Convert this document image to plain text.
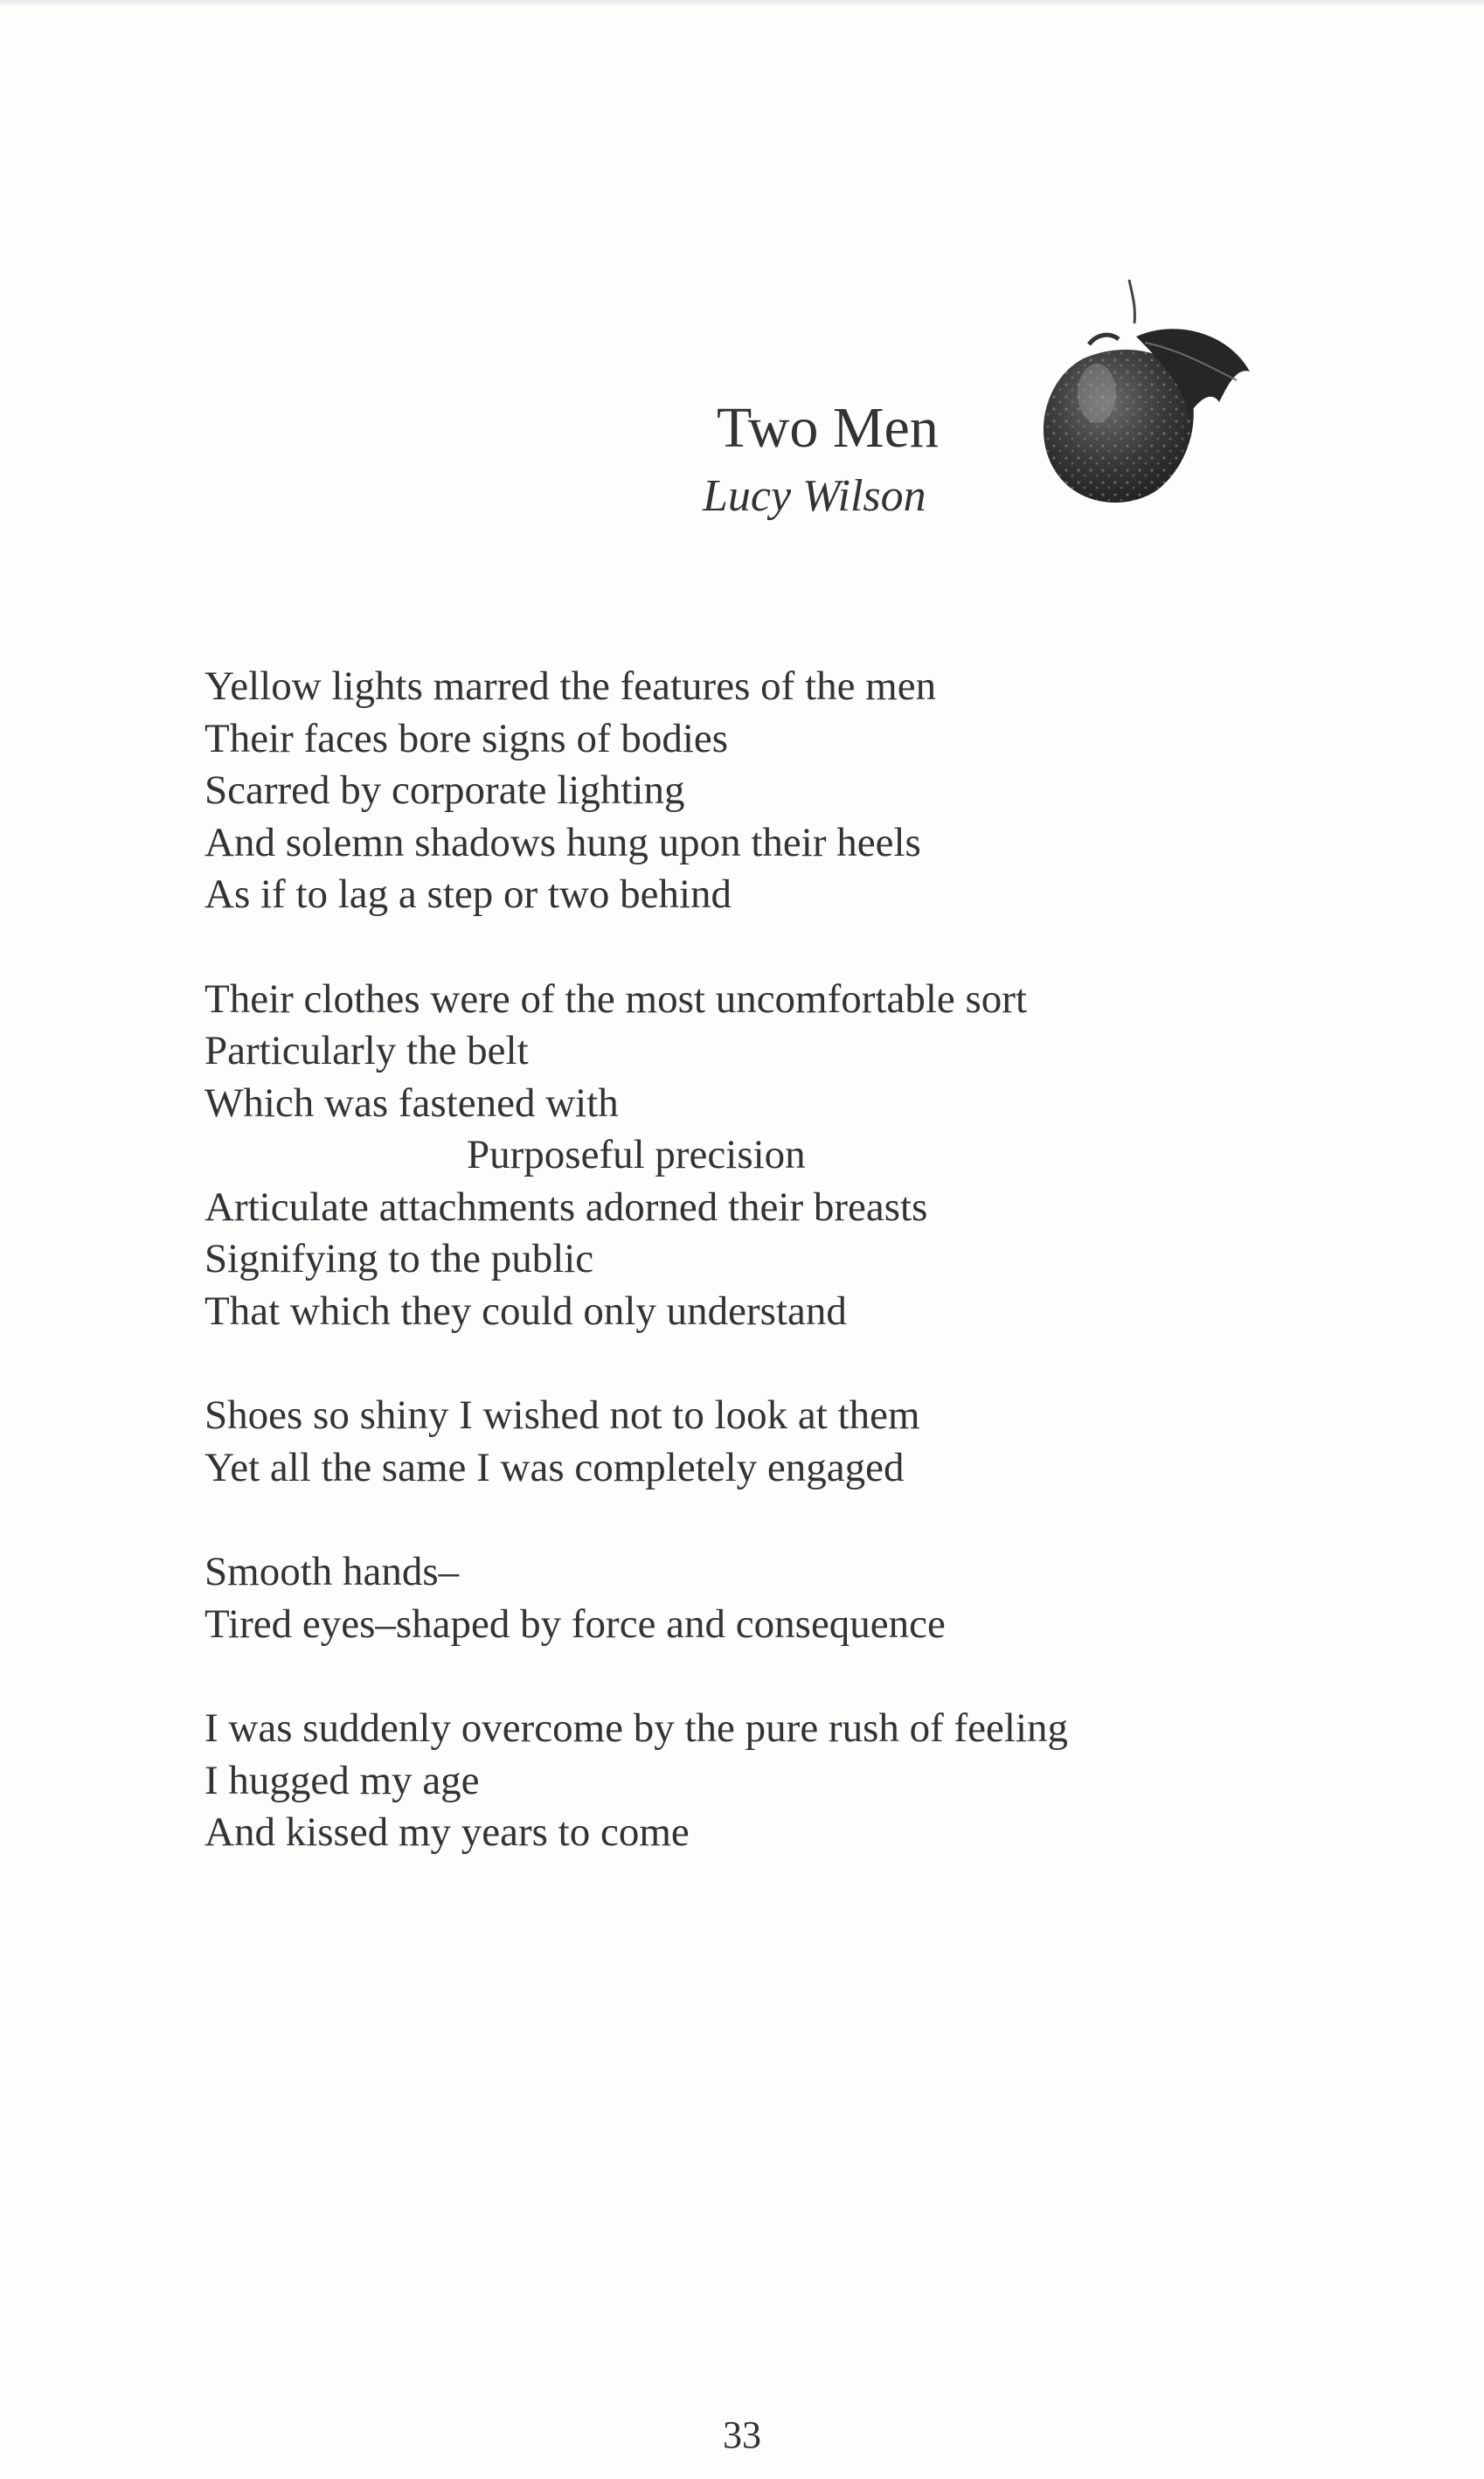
Two Men
Lucy Wilson
Yellow lights marred the features of the men
Their faces bore signs of bodies
Scarred by corporate lighting
And solemn shadows hung upon their heels
As if to lag a step or two behind
Their clothes were of the most uncomfortable sort
Particularly the belt
Which was fastened with
Purposeful precision
Articulate attachments adorned their breasts
Signifying to the public
That which they could only understand
Shoes so shiny I wished not to look at them
Yet all the same I was completely engaged
Smooth hands–
Tired eyes–shaped by force and consequence
I was suddenly overcome by the pure rush of feeling
I hugged my age
And kissed my years to come
33
